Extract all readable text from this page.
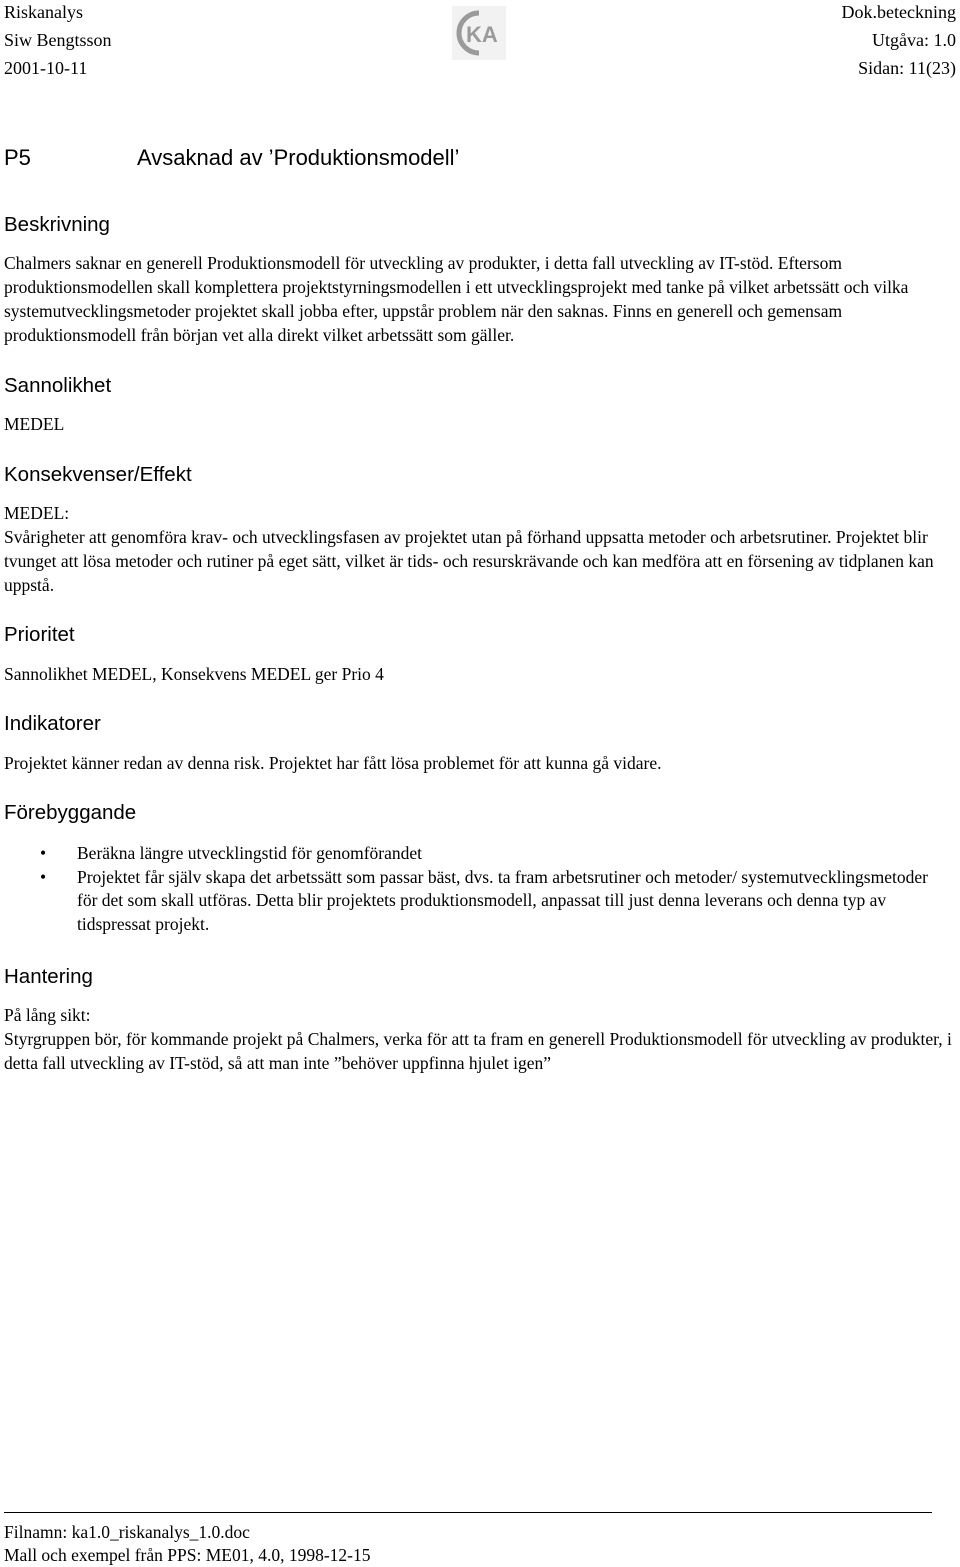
Riskanalys
Siw Bengtsson
2001-10-11
KA
Dok.beteckning
Utgåva: 1.0
Sidan: 11(23)
P5	Avsaknad av ’Produktionsmodell’
Beskrivning
Chalmers saknar en generell Produktionsmodell för utveckling av produkter, i detta fall utveckling av IT-stöd. Eftersom produktionsmodellen skall komplettera projektstyrningsmodellen i ett utvecklingsprojekt med tanke på vilket arbetssätt och vilka systemutvecklingsmetoder projektet skall jobba efter, uppstår problem när den saknas. Finns en generell och gemensam produktionsmodell från början vet alla direkt vilket arbetssätt som gäller.
Sannolikhet
MEDEL
Konsekvenser/Effekt
MEDEL:
Svårigheter att genomföra krav- och utvecklingsfasen av projektet utan på förhand uppsatta metoder och arbetsrutiner. Projektet blir tvunget att lösa metoder och rutiner på eget sätt, vilket är tids- och resurskrävande och kan medföra att en försening av tidplanen kan uppstå.
Prioritet
Sannolikhet MEDEL, Konsekvens MEDEL ger Prio 4
Indikatorer
Projektet känner redan av denna risk. Projektet har fått lösa problemet för att kunna gå vidare.
Förebyggande
• Beräkna längre utvecklingstid för genomförandet
• Projektet får själv skapa det arbetssätt som passar bäst, dvs. ta fram arbetsrutiner och metoder/ systemutvecklingsmetoder för det som skall utföras. Detta blir projektets produktionsmodell, anpassat till just denna leverans och denna typ av tidspressat projekt.
Hantering
På lång sikt:
Styrgruppen bör, för kommande projekt på Chalmers, verka för att ta fram en generell Produktionsmodell för utveckling av produkter, i detta fall utveckling av IT-stöd, så att man inte ”behöver uppfinna hjulet igen”
Filnamn: ka1.0_riskanalys_1.0.doc
Mall och exempel från PPS: ME01, 4.0, 1998-12-15
